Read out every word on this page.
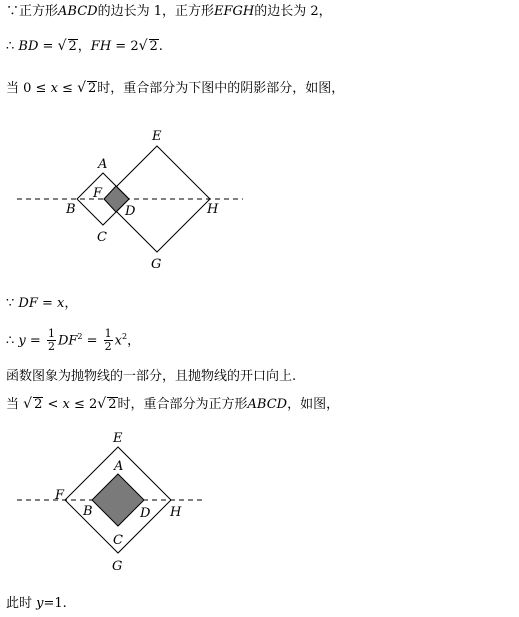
∵正方形ABCD的边长为 1，正方形EFGH的边长为 2，
∴ BD = √ 2，FH = 2√ 2.
当 0 ≤ x ≤ √ 2时，重合部分为下图中的阴影部分，如图，
∵ DF = x，
∴ $y = \frac{1}{2} DF^2 = \frac{1}{2} x^2$，
函数图象为抛物线的一部分，且抛物线的开口向上.
当 √ 2 < x ≤ 2√ 2时，重合部分为正方形ABCD，如图，
此时 y=1.
E
A
F
B	D	H
C
G
E
A
F
B	D H
C
G
